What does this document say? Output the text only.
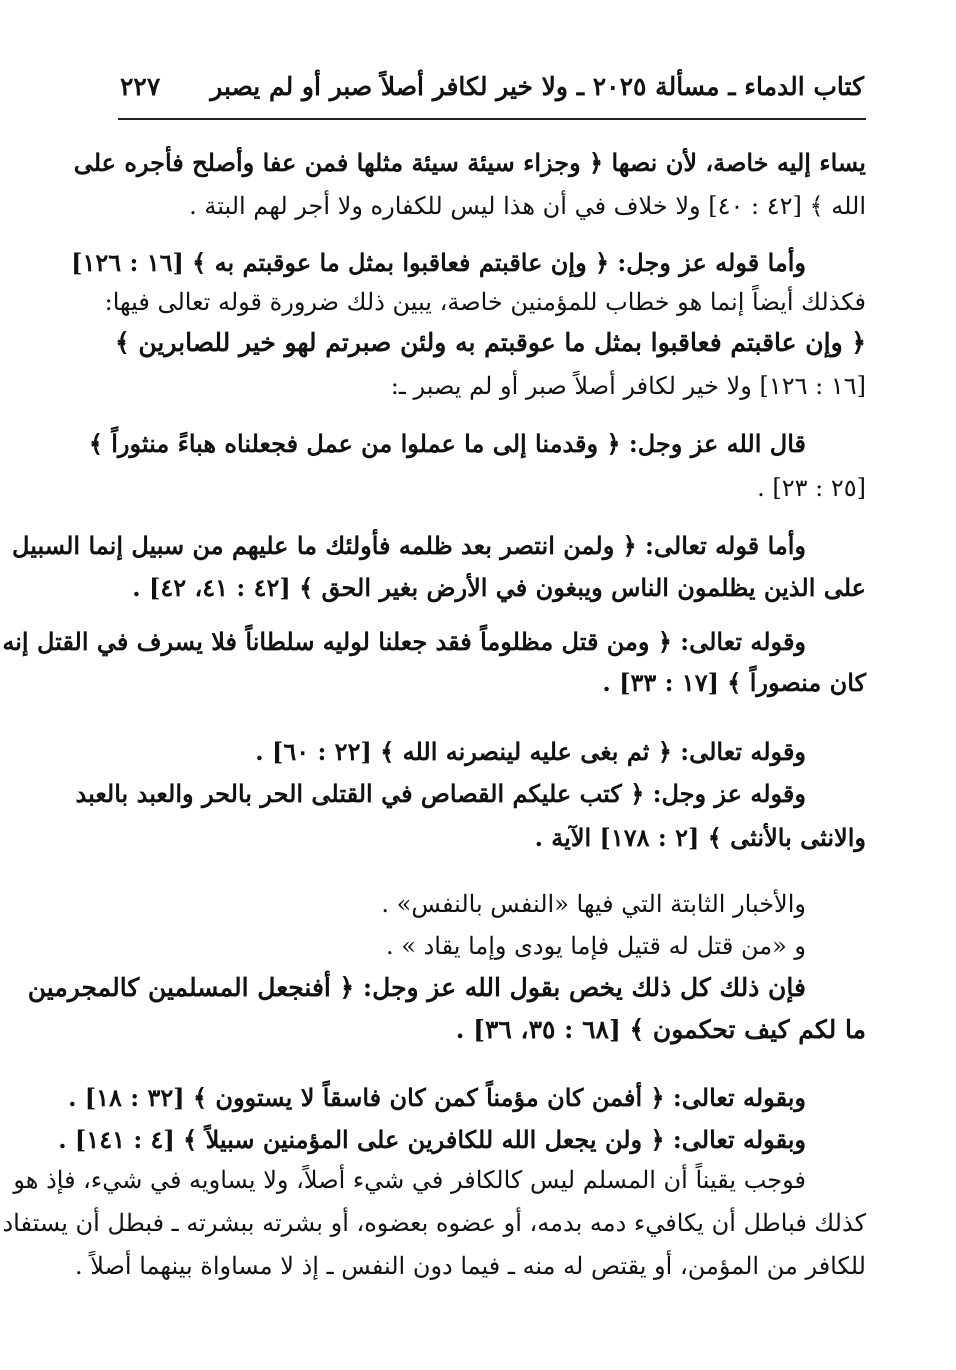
كتاب الدماء ـ مسألة ٢٠٢٥ ـ ولا خير لكافر أصلاً صبر أو لم يصبر
٢٢٧
يساء إليه خاصة، لأن نصها ﴿ وجزاء سيئة سيئة مثلها فمن عفا وأصلح فأجره على
الله ﴾ [٤٢ : ٤٠] ولا خلاف في أن هذا ليس للكفاره ولا أجر لهم البتة .
وأما قوله عز وجل: ﴿ وإن عاقبتم فعاقبوا بمثل ما عوقبتم به ﴾ [١٦ : ١٢٦]
فكذلك أيضاً إنما هو خطاب للمؤمنين خاصة، يبين ذلك ضرورة قوله تعالى فيها:
﴿ وإن عاقبتم فعاقبوا بمثل ما عوقبتم به ولئن صبرتم لهو خير للصابرين ﴾
[١٦ : ١٢٦] ولا خير لكافر أصلاً صبر أو لم يصبر ـ:
قال الله عز وجل: ﴿ وقدمنا إلى ما عملوا من عمل فجعلناه هباءً منثوراً ﴾
[٢٥ : ٢٣] .
وأما قوله تعالى: ﴿ ولمن انتصر بعد ظلمه فأولئك ما عليهم من سبيل إنما السبيل
على الذين يظلمون الناس ويبغون في الأرض بغير الحق ﴾ [٤٢ : ٤١، ٤٢] .
وقوله تعالى: ﴿ ومن قتل مظلوماً فقد جعلنا لوليه سلطاناً فلا يسرف في القتل إنه
كان منصوراً ﴾ [١٧ : ٣٣] .
وقوله تعالى: ﴿ ثم بغى عليه لينصرنه الله ﴾ [٢٢ : ٦٠] .
وقوله عز وجل: ﴿ كتب عليكم القصاص في القتلى الحر بالحر والعبد بالعبد
والانثى بالأنثى ﴾ [٢ : ١٧٨] الآية .
والأخبار الثابتة التي فيها «النفس بالنفس» .
و «من قتل له قتيل فإما يودى وإما يقاد » .
فإن ذلك كل ذلك يخص بقول الله عز وجل: ﴿ أفنجعل المسلمين كالمجرمين
ما لكم كيف تحكمون ﴾ [٦٨ : ٣٥، ٣٦] .
وبقوله تعالى: ﴿ أفمن كان مؤمناً كمن كان فاسقاً لا يستوون ﴾ [٣٢ : ١٨] .
وبقوله تعالى: ﴿ ولن يجعل الله للكافرين على المؤمنين سبيلاً ﴾ [٤ : ١٤١] .
فوجب يقيناً أن المسلم ليس كالكافر في شيء أصلاً، ولا يساويه في شيء، فإذ هو
كذلك فباطل أن يكافيء دمه بدمه، أو عضوه بعضوه، أو بشرته ببشرته ـ فبطل أن يستفاد
للكافر من المؤمن، أو يقتص له منه ـ فيما دون النفس ـ إذ لا مساواة بينهما أصلاً .
